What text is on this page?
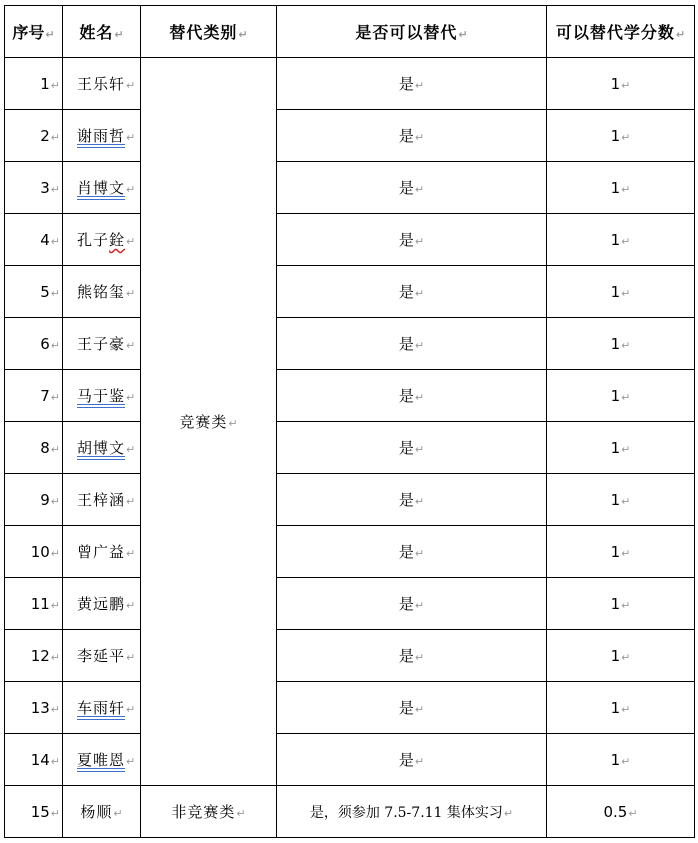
序号↵	姓名↵	替代类别↵	是否可以替代↵	可以替代学分数↵
1↵	王乐轩↵	竞赛类↵	是↵	1↵
2↵	谢雨哲↵		是↵	1↵
3↵	肖博文↵		是↵	1↵
4↵	孔子銓↵		是↵	1↵
5↵	熊铭玺↵		是↵	1↵
6↵	王子豪↵		是↵	1↵
7↵	马于鉴↵		是↵	1↵
8↵	胡博文↵		是↵	1↵
9↵	王梓涵↵		是↵	1↵
10↵	曾广益↵		是↵	1↵
11↵	黄远鹏↵		是↵	1↵
12↵	李延平↵		是↵	1↵
13↵	车雨轩↵		是↵	1↵
14↵	夏唯恩↵		是↵	1↵
15↵	杨顺↵	非竞赛类↵	是，须参加 7.5-7.11 集体实习↵	0.5↵
